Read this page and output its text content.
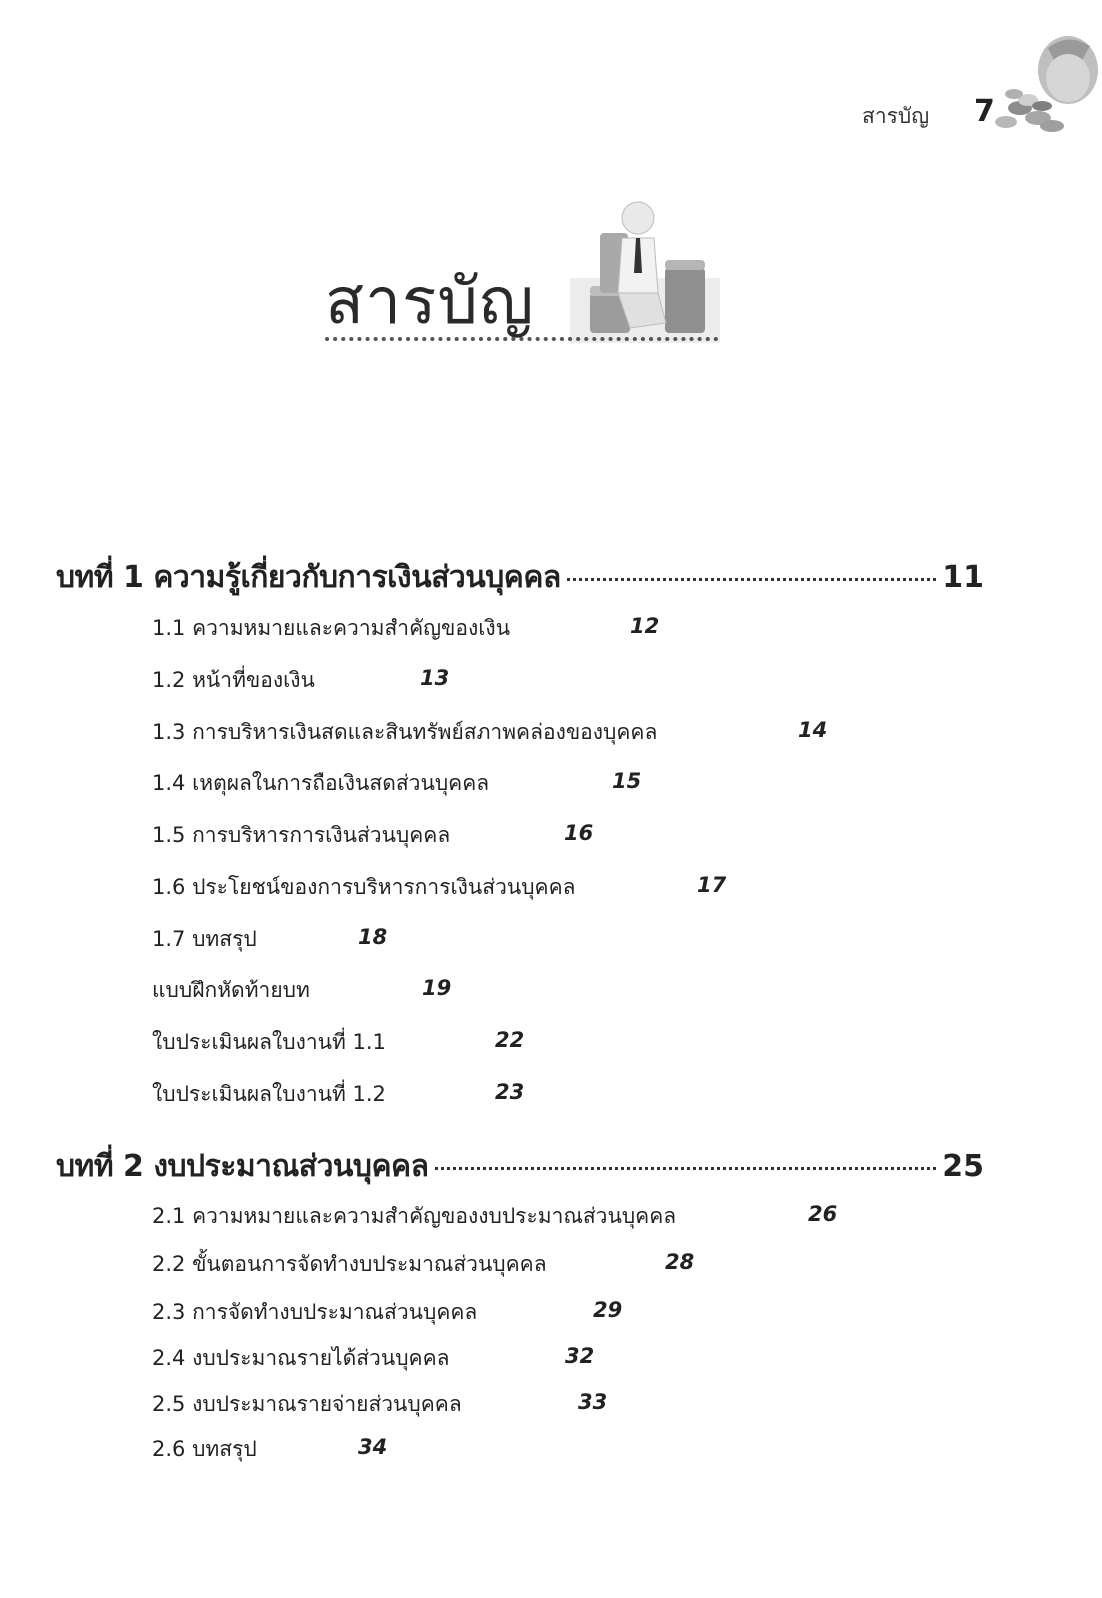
สารบัญ 7
สารบัญ
บทที่ 1 ความรู้เกี่ยวกับการเงินส่วนบุคคล	11
1.1 ความหมายและความสำคัญของเงิน	12
1.2 หน้าที่ของเงิน	13
1.3 การบริหารเงินสดและสินทรัพย์สภาพคล่องของบุคคล	14
1.4 เหตุผลในการถือเงินสดส่วนบุคคล	15
1.5 การบริหารการเงินส่วนบุคคล	16
1.6 ประโยชน์ของการบริหารการเงินส่วนบุคคล	17
1.7 บทสรุป	18
แบบฝึกหัดท้ายบท	19
ใบประเมินผลใบงานที่ 1.1	22
ใบประเมินผลใบงานที่ 1.2	23
บทที่ 2 งบประมาณส่วนบุคคล	25
2.1 ความหมายและความสำคัญของงบประมาณส่วนบุคคล	26
2.2 ขั้นตอนการจัดทำงบประมาณส่วนบุคคล	28
2.3 การจัดทำงบประมาณส่วนบุคคล	29
2.4 งบประมาณรายได้ส่วนบุคคล	32
2.5 งบประมาณรายจ่ายส่วนบุคคล	33
2.6 บทสรุป	34
